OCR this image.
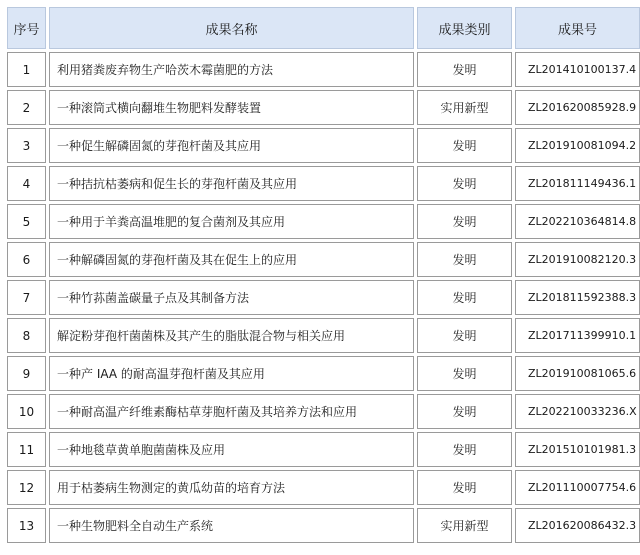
序号	成果名称	成果类别	成果号
1	利用猪粪废弃物生产哈茨木霉菌肥的方法	发明	ZL201410100137.4
2	一种滚筒式横向翻堆生物肥料发酵装置	实用新型	ZL201620085928.9
3	一种促生解磷固氮的芽孢杆菌及其应用	发明	ZL201910081094.2
4	一种拮抗枯萎病和促生长的芽孢杆菌及其应用	发明	ZL201811149436.1
5	一种用于羊粪高温堆肥的复合菌剂及其应用	发明	ZL202210364814.8
6	一种解磷固氮的芽孢杆菌及其在促生上的应用	发明	ZL201910082120.3
7	一种竹荪菌盖碳量子点及其制备方法	发明	ZL201811592388.3
8	解淀粉芽孢杆菌菌株及其产生的脂肽混合物与相关应用	发明	ZL201711399910.1
9	一种产 IAA 的耐高温芽孢杆菌及其应用	发明	ZL201910081065.6
10	一种耐高温产纤维素酶枯草芽胞杆菌及其培养方法和应用	发明	ZL202210033236.X
11	一种地毯草黄单胞菌菌株及应用	发明	ZL201510101981.3
12	用于枯萎病生物测定的黄瓜幼苗的培育方法	发明	ZL201110007754.6
13	一种生物肥料全自动生产系统	实用新型	ZL201620086432.3
